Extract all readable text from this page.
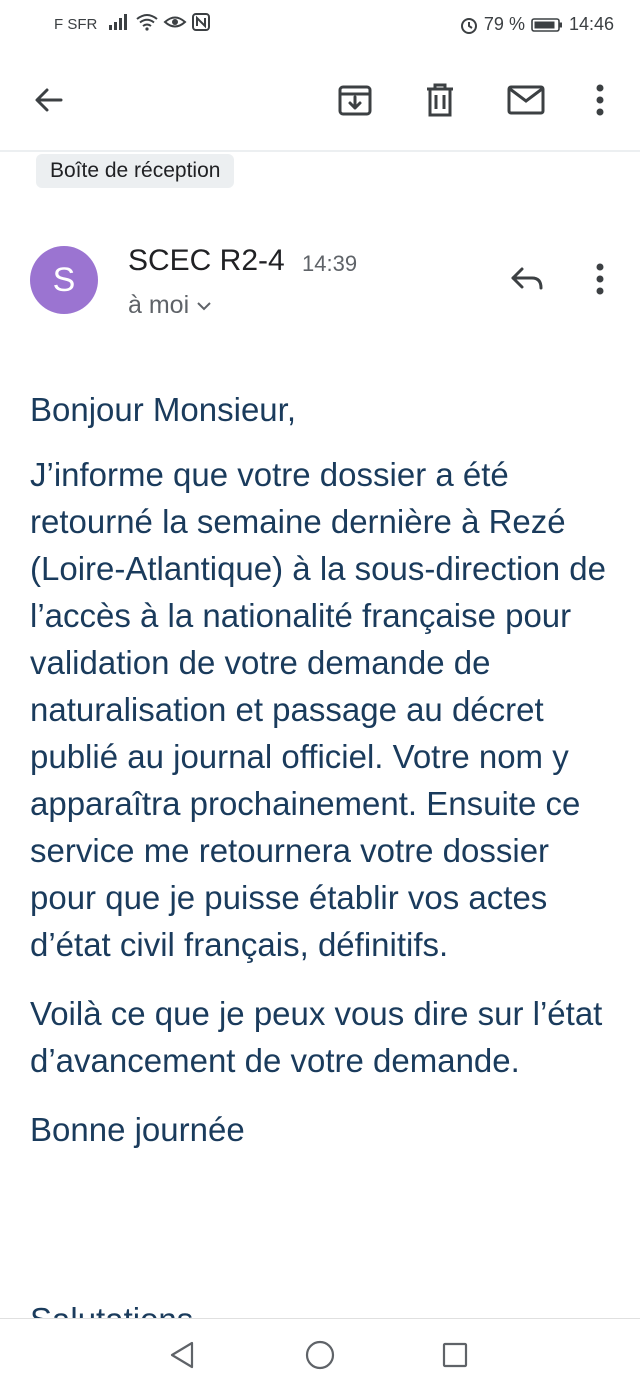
F SFR	79 % 14:46
Boîte de réception
S
SCEC R2-4 14:39
à moi

Bonjour Monsieur,

J’informe que votre dossier a été retourné la semaine dernière à Rezé (Loire-Atlantique) à la sous-direction de l’accès à la nationalité française pour validation de votre demande de naturalisation et passage au décret publié au journal officiel. Votre nom y apparaîtra prochainement. Ensuite ce service me retournera votre dossier pour que je puisse établir vos actes d’état civil français, définitifs.

Voilà ce que je peux vous dire sur l’état d’avancement de votre demande.

Bonne journée
